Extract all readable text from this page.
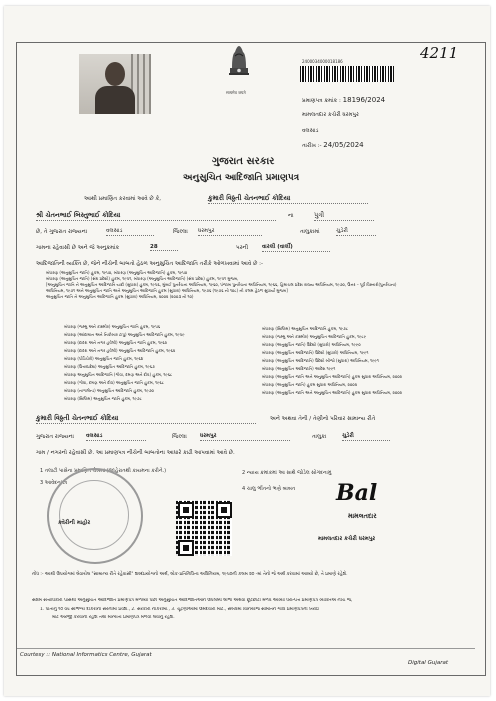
4211
सत्यमेव जयते
2400034000018186
પ્રમાણપત્ર ક્રમાંક : 18196/2024
મામલતદાર કચેરી ધરમપુર
વલસાડ
તારીખ :- 24/05/2024
ગુજરાત સરકાર
અનુસુચિત આદિજાતિ પ્રમાણપત્ર
આથી પ્રમાણિત કરવામાં આવે છે કે,	કુમારી વિઠ્ઠતી ચેતનભાઈ કોદિયા
શ્રી ચેતનભાઈ બિસ્તુભાઈ કોદિયા	ના	પુત્રી
છે, તે ગુજરાત રાજ્યના	વલસાડ	જિલ્લા ધરમપુર	તાલુકામાં	ચુડેરી
ગામના રહેવાસી છે અને જે અનુક્રમાંક	28	પરની	વારલી (વાર્લી)
આદિજાતિની વ્યક્તિ છે, જેને નીચેની બાબતો હેઠળ અનુસુચિત આદિજાતિ તરીકે ઓળખવામાં આવે છે :-
બંધારણ (અનુસુચિત જાતિ) હુકમ, ૧૯૫૦, બંધારણ (અનુસુચિત આદિજાતિ) હુકમ, ૧૯૫૦
બંધારણ (અનુસુચિત જાતિ) (સંઘ પ્રદેશો) હુકમ, ૧૯૫૧, બંધારણ (અનુસુચિત આદિજાતિ) (સંઘ પ્રદેશ) હુકમ, ૧૯૫૧ મુજબ,
[અનુસુચિત જાતિ ને અનુસુચિત આદિજાતિ યાદી (સુધારા) હુકમ, ૧૯૫૬, મુંબઈ પુનર્રચના અધિનિયમ, ૧૯૬૦, પંજાબ પુનર્રચના અધિનિયમ, ૧૯૬૬, હિમાચલ પ્રદેશ રાજ્ય અધિનિયમ, ૧૯૭૦, ઉત્તર – પૂર્વ વિસ્તારો(પુનર્રચના)
અધિનિયમ, ૧૯૭૧ અને અનુસુચિત જાતિ અને અનુસુચિત આદિજાતિ હુકમ (સુધારા) અધિનિયમ, ૧૯૭૬ (૧૯૭૬ નો ૧૦૮) ની કલમ હેઠળ સુધાર્યા મુજબ]
અનુસુચિત જાતિ ને અનુસુચિત આદિજાતિ હુકમ (સુધારા) અધિનિયમ, ૨૦૦૨ (૨૦૦૩ નો ૧૦)
બંધારણ (જમ્મુ અને કાશ્મીર) અનુસુચિત જાતિ હુકમ, ૧૯૫૬
બંધારણ (આંદામાન અને નિકોબાર ટાપુ) અનુસુચિત આદિજાતિ હુકમ, ૧૯૫૯
બંધારણ (દાદરા અને નગર હવેલી) અનુસુચિત જાતિ હુકમ, ૧૯૬૨
બંધારણ (દાદરા અને નગર હવેલી) અનુસુચિત આદિજાતિ હુકમ, ૧૯૬૨
બંધારણ (પોંડિચેરી) અનુસુચિત જાતિ હુકમ, ૧૯૬૪
બંધારણ (ઉત્તરપ્રદેશ) અનુસુચિત આદિજાતિ હુકમ, ૧૯૬૭
બંધારણ અનુસુચિત આદિજાતિ (ગોવા, દમણ અને દીવ) હુકમ, ૧૯૬૮
બંધારણ (ગોવા, દમણ અને દીવ) અનુસુચિત જાતિ હુકમ, ૧૯૬૮
બંધારણ (નાગાલેન્ડ) અનુસુચિત આદિજાતિ હુકમ, ૧૯૭૦
બંધારણ (સિક્કિમ) અનુસુચિત જાતિ હુકમ, ૧૯૭૮
બંધારણ (સિક્કિમ) અનુસુચિત આદિજાતિ હુકમ, ૧૯૭૮
બંધારણ (જમ્મુ અને કાશ્મીર) અનુસુચિત આદિજાતિ હુકમ, ૧૯૮૯
બંધારણ (અનુસુચિત જાતિ) ઉદેશો (સુધારો) અધિનિયમ, ૧૯૯૦
બંધારણ (અનુસુચિત આદિજાતિ) ઉદેશો (સુધારો) અધિનિયમ, ૧૯૯૧
બંધારણ (અનુસુચિત આદિજાતિ) ઉદેશો બીજો (સુધારા) અધિનિયમ, ૧૯૯૧
બંધારણ (અનુસુચિત આદિજાતિ) આદેશ ૧૯૯૧
બંધારણ (અનુસુચિત જાતિ અને અનુસુચિત આદિજાતિ) હુકમ સુધારા અધિનિયમ, ૨૦૦૨
બંધારણ (અનુસુચિત જાતિ) હુકમ સુધારા અધિનિયમ, ૨૦૦૨
બંધારણ (અનુસુચિત જાતિ અને અનુસુચિત આદિજાતિ) હુકમ સુધારા અધિનિયમ, ૨૦૦૨
કુમારી વિઠ્ઠતી ચેતનભાઈ કોદિયા	અને અથવા તેની / તેણીનો પરિવાર સામાન્ય રીતે
ગુજરાત રાજ્યના વલસાડ	જિલ્લા ધરમપુર	તાલુકા	ચુડેરી
ગામ / નગરનો રહેવાસી છે. આ પ્રમાણપત્ર નીચેની બાબતોના આધારે કાઢી આપવામાં આવે છે.
1 તલાટી પાસેના પ્રમાણિત લેખમાં (જાહેરાતથી કાયમના કરીને.)	2 ન્યાય ક્રમાંકમાં આ સાથે જોડેલ સોગંદનામું
3 આવેદનપત્ર
4 ચાલુ ભીંતનો ભણે બાબત
ક્વેરીની માહોર
Bal
મામલતદાર
મામલતદાર કચેરી ધરમપુર
નોંધ :- આથી ઉપયોગમાં લેવાયેલ "સામાન્ય રીતે રહેવાસી" શબ્દપ્રયોગનો અર્થ, લોક-પ્રતિનિધિત્વ અધિનિયમ, ૧૯૫૦ની કલમ ૨૦ -માં તેનો જે અર્થ કરવામાં આવ્યો છે, તે પ્રમાણે રહેશે.
સક્ષમ સત્તાધિકારી પાસેથી અનુસુચિત આદિજાતિ પ્રમાણપત્ર મેળવ્યા પછી અનુસુચિત આદિજાતિઓને ઉપલબ્ધ લાભો અથવા છૂટછાટો મેળવ આવ્યા ધરોત્પત્ત પ્રમાણપત્ર વ્યક્તિએ નીચે જ,
1. પોતાનું ૧૦ વર્ષે સાંભળ્ય દીકરીના સરનામા પ્રવેશ., 2. સરકારી નોકરીમાં., 3. ચૂંટણીઓમાં ઉમેદવારી માટે., સંબંધમાં વિનિયોજ સમિતિને ગાંધિ પ્રમાણપત્રની ખરાઈ
માટે અરજી કરવાની રહેશે તથા માન્યતા પ્રમાણપત્ર મેળવી લેવાનું રહેશે.
Courtesy :: National Informatics Centre, Gujarat
Digital Gujarat
